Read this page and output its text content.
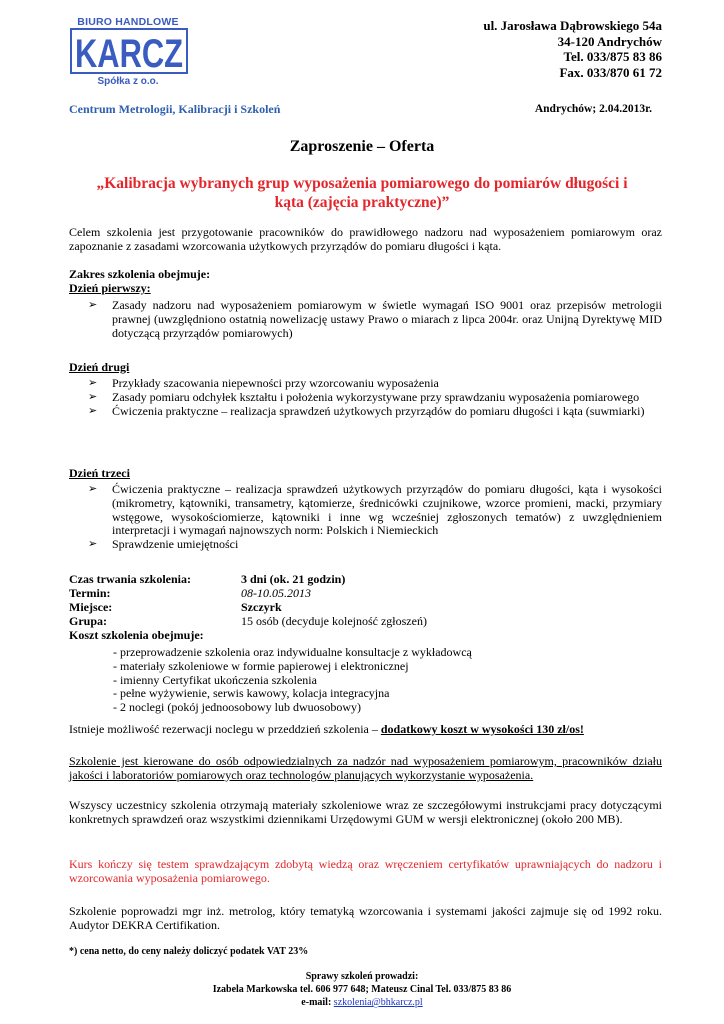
BIURO HANDLOWE
KARCZ
Spółka z o.o.
ul. Jarosława Dąbrowskiego 54a
34-120 Andrychów
Tel. 033/875 83 86
Fax. 033/870 61 72
Centrum Metrologii, Kalibracji i Szkoleń	Andrychów; 2.04.2013r.
Zaproszenie – Oferta
„Kalibracja wybranych grup wyposażenia pomiarowego do pomiarów długości i
kąta (zajęcia praktyczne)”
Celem szkolenia jest przygotowanie pracowników do prawidłowego nadzoru nad wyposażeniem pomiarowym oraz zapoznanie z zasadami wzorcowania użytkowych przyrządów do pomiaru długości i kąta.
Zakres szkolenia obejmuje:
Dzień pierwszy:
➢ Zasady nadzoru nad wyposażeniem pomiarowym w świetle wymagań ISO 9001 oraz przepisów metrologii prawnej (uwzględniono ostatnią nowelizację ustawy Prawo o miarach z lipca 2004r. oraz Unijną Dyrektywę MID dotyczącą przyrządów pomiarowych)
Dzień drugi
➢ Przykłady szacowania niepewności przy wzorcowaniu wyposażenia
➢ Zasady pomiaru odchyłek kształtu i położenia wykorzystywane przy sprawdzaniu wyposażenia pomiarowego
➢ Ćwiczenia praktyczne – realizacja sprawdzeń użytkowych przyrządów do pomiaru długości i kąta (suwmiarki)
Dzień trzeci
➢ Ćwiczenia praktyczne – realizacja sprawdzeń użytkowych przyrządów do pomiaru długości, kąta i wysokości (mikrometry, kątowniki, transametry, kątomierze, średnicówki czujnikowe, wzorce promieni, macki, przymiary wstęgowe, wysokościomierze, kątowniki i inne wg wcześniej zgłoszonych tematów) z uwzględnieniem interpretacji i wymagań najnowszych norm: Polskich i Niemieckich
➢ Sprawdzenie umiejętności
Czas trwania szkolenia:	3 dni (ok. 21 godzin)
Termin:	08-10.05.2013
Miejsce:	Szczyrk
Grupa:	15 osób (decyduje kolejność zgłoszeń)
Koszt szkolenia obejmuje:
- przeprowadzenie szkolenia oraz indywidualne konsultacje z wykładowcą
- materiały szkoleniowe w formie papierowej i elektronicznej
- imienny Certyfikat ukończenia szkolenia
- pełne wyżywienie, serwis kawowy, kolacja integracyjna
- 2 noclegi (pokój jednoosobowy lub dwuosobowy)
Istnieje możliwość rezerwacji noclegu w przeddzień szkolenia – dodatkowy koszt w wysokości 130 zł/os!
Szkolenie jest kierowane do osób odpowiedzialnych za nadzór nad wyposażeniem pomiarowym, pracowników działu jakości i laboratoriów pomiarowych oraz technologów planujących wykorzystanie wyposażenia.
Wszyscy uczestnicy szkolenia otrzymają materiały szkoleniowe wraz ze szczegółowymi instrukcjami pracy dotyczącymi konkretnych sprawdzeń oraz wszystkimi dziennikami Urzędowymi GUM w wersji elektronicznej (około 200 MB).
Kurs kończy się testem sprawdzającym zdobytą wiedzą oraz wręczeniem certyfikatów uprawniających do nadzoru i wzorcowania wyposażenia pomiarowego.
Szkolenie poprowadzi mgr inż. metrolog, który tematyką wzorcowania i systemami jakości zajmuje się od 1992 roku. Audytor DEKRA Certifikation.
*) cena netto, do ceny należy doliczyć podatek VAT 23%
Sprawy szkoleń prowadzi:
Izabela Markowska tel. 606 977 648; Mateusz Cinal Tel. 033/875 83 86
e-mail: szkolenia@bhkarcz.pl
